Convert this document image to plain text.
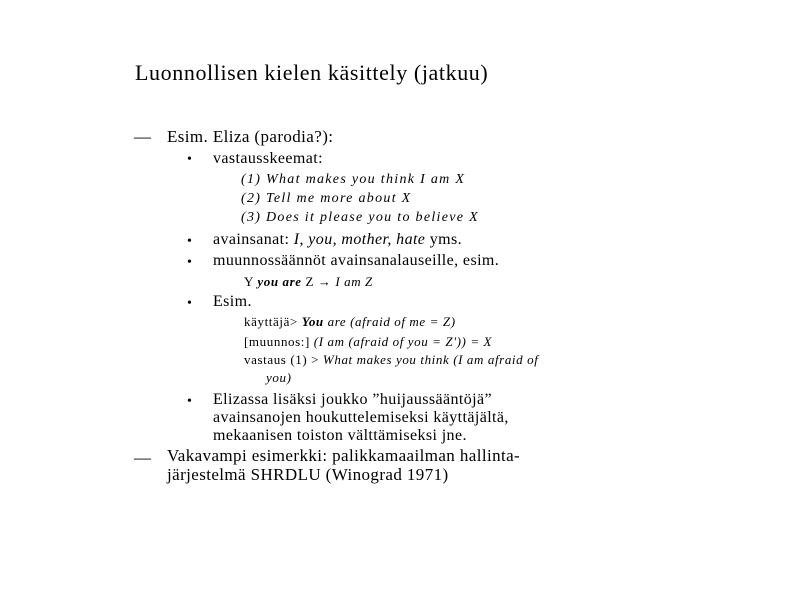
Luonnollisen kielen käsittely (jatkuu)
— Esim. Eliza (parodia?):
• vastausskeemat:
(1) What makes you think I am X
(2) Tell me more about X
(3) Does it please you to believe X
• avainsanat: I, you, mother, hate yms.
• muunnossäännöt avainsanalauseille, esim.
Y you are Z → I am Z
• Esim.
käyttäjä> You are (afraid of me = Z)
[muunnos:] (I am (afraid of you = Z')) = X
vastaus (1) > What makes you think (I am afraid of
you)
• Elizassa lisäksi joukko ”huijaussääntöjä”
avainsanojen houkuttelemiseksi käyttäjältä,
mekaanisen toiston välttämiseksi jne.
— Vakavampi esimerkki: palikkamaailman hallinta-
järjestelmä SHRDLU (Winograd 1971)
